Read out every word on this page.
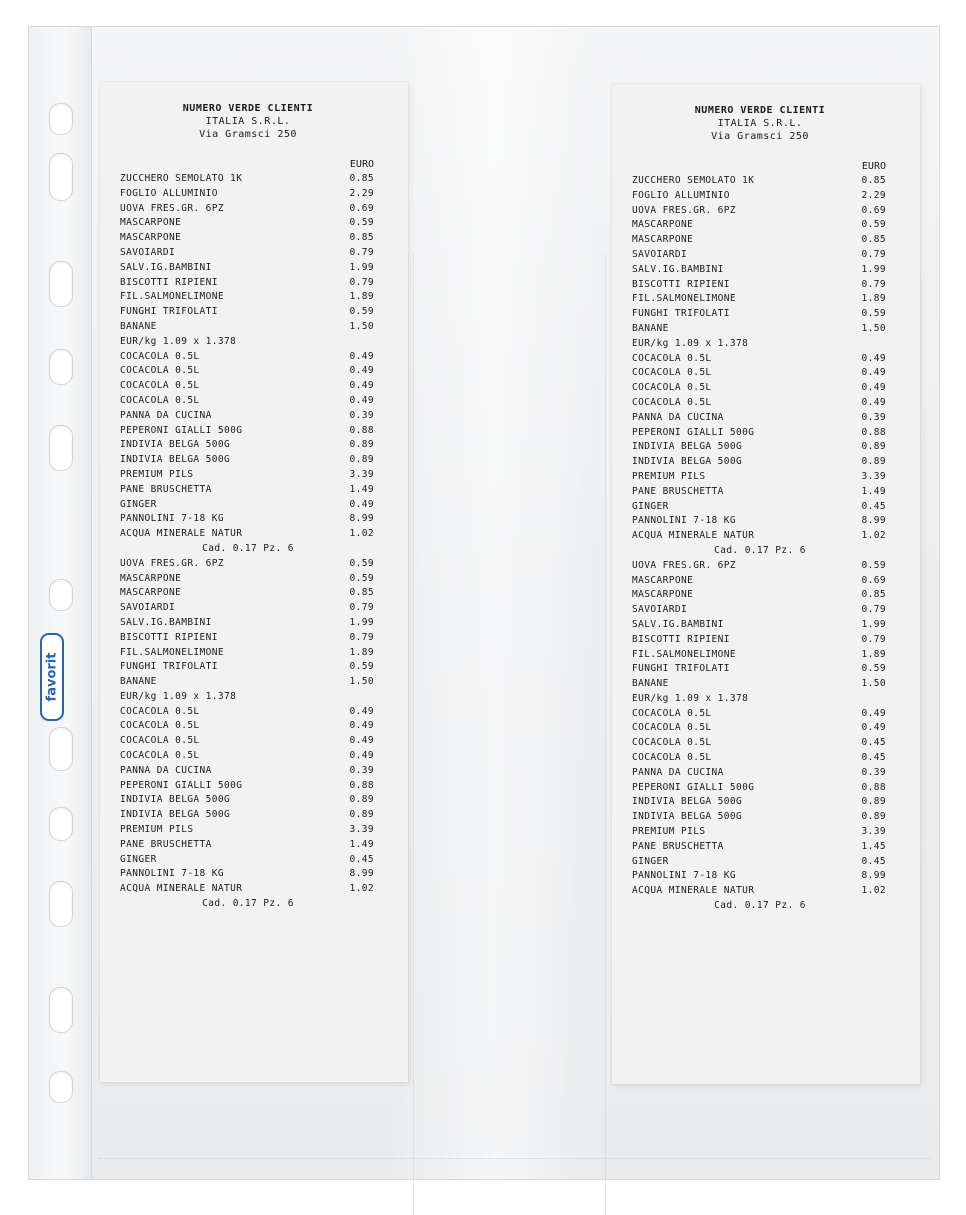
favorit
NUMERO VERDE CLIENTI
ITALIA S.R.L.
Via Gramsci 250
EURO
ZUCCHERO SEMOLATO 1K	0.85
FOGLIO ALLUMINIO	2.29
UOVA FRES.GR. 6PZ	0.69
MASCARPONE	0.59
MASCARPONE	0.85
SAVOIARDI	0.79
SALV.IG.BAMBINI	1.99
BISCOTTI RIPIENI	0.79
FIL.SALMONELIMONE	1.89
FUNGHI TRIFOLATI	0.59
BANANE	1.50
EUR/kg 1.09 x 1.378
COCACOLA 0.5L	0.49
COCACOLA 0.5L	0.49
COCACOLA 0.5L	0.49
COCACOLA 0.5L	0.49
PANNA DA CUCINA	0.39
PEPERONI GIALLI 500G	0.88
INDIVIA BELGA 500G	0.89
INDIVIA BELGA 500G	0.89
PREMIUM PILS	3.39
PANE BRUSCHETTA	1.49
GINGER	0.49
PANNOLINI 7-18 KG	8.99
ACQUA MINERALE NATUR	1.02
Cad. 0.17 Pz. 6
UOVA FRES.GR. 6PZ	0.59
MASCARPONE	0.59
MASCARPONE	0.85
SAVOIARDI	0.79
SALV.IG.BAMBINI	1.99
BISCOTTI RIPIENI	0.79
FIL.SALMONELIMONE	1.89
FUNGHI TRIFOLATI	0.59
BANANE	1.50
EUR/kg 1.09 x 1.378
COCACOLA 0.5L	0.49
COCACOLA 0.5L	0.49
COCACOLA 0.5L	0.49
COCACOLA 0.5L	0.49
PANNA DA CUCINA	0.39
PEPERONI GIALLI 500G	0.88
INDIVIA BELGA 500G	0.89
INDIVIA BELGA 500G	0.89
PREMIUM PILS	3.39
PANE BRUSCHETTA	1.49
GINGER	0.45
PANNOLINI 7-18 KG	8.99
ACQUA MINERALE NATUR	1.02
Cad. 0.17 Pz. 6
NUMERO VERDE CLIENTI
ITALIA S.R.L.
Via Gramsci 250
EURO
ZUCCHERO SEMOLATO 1K	0.85
FOGLIO ALLUMINIO	2.29
UOVA FRES.GR. 6PZ	0.69
MASCARPONE	0.59
MASCARPONE	0.85
SAVOIARDI	0.79
SALV.IG.BAMBINI	1.99
BISCOTTI RIPIENI	0.79
FIL.SALMONELIMONE	1.89
FUNGHI TRIFOLATI	0.59
BANANE	1.50
EUR/kg 1.09 x 1.378
COCACOLA 0.5L	0.49
COCACOLA 0.5L	0.49
COCACOLA 0.5L	0.49
COCACOLA 0.5L	0.49
PANNA DA CUCINA	0.39
PEPERONI GIALLI 500G	0.88
INDIVIA BELGA 500G	0.89
INDIVIA BELGA 500G	0.89
PREMIUM PILS	3.39
PANE BRUSCHETTA	1.49
GINGER	0.45
PANNOLINI 7-18 KG	8.99
ACQUA MINERALE NATUR	1.02
Cad. 0.17 Pz. 6
UOVA FRES.GR. 6PZ	0.59
MASCARPONE	0.69
MASCARPONE	0.85
SAVOIARDI	0.79
SALV.IG.BAMBINI	1.99
BISCOTTI RIPIENI	0.79
FIL.SALMONELIMONE	1.89
FUNGHI TRIFOLATI	0.59
BANANE	1.50
EUR/kg 1.09 x 1.378
COCACOLA 0.5L	0.49
COCACOLA 0.5L	0.49
COCACOLA 0.5L	0.45
COCACOLA 0.5L	0.45
PANNA DA CUCINA	0.39
PEPERONI GIALLI 500G	0.88
INDIVIA BELGA 500G	0.89
INDIVIA BELGA 500G	0.89
PREMIUM PILS	3.39
PANE BRUSCHETTA	1.45
GINGER	0.45
PANNOLINI 7-18 KG	8.99
ACQUA MINERALE NATUR	1.02
Cad. 0.17 Pz. 6
